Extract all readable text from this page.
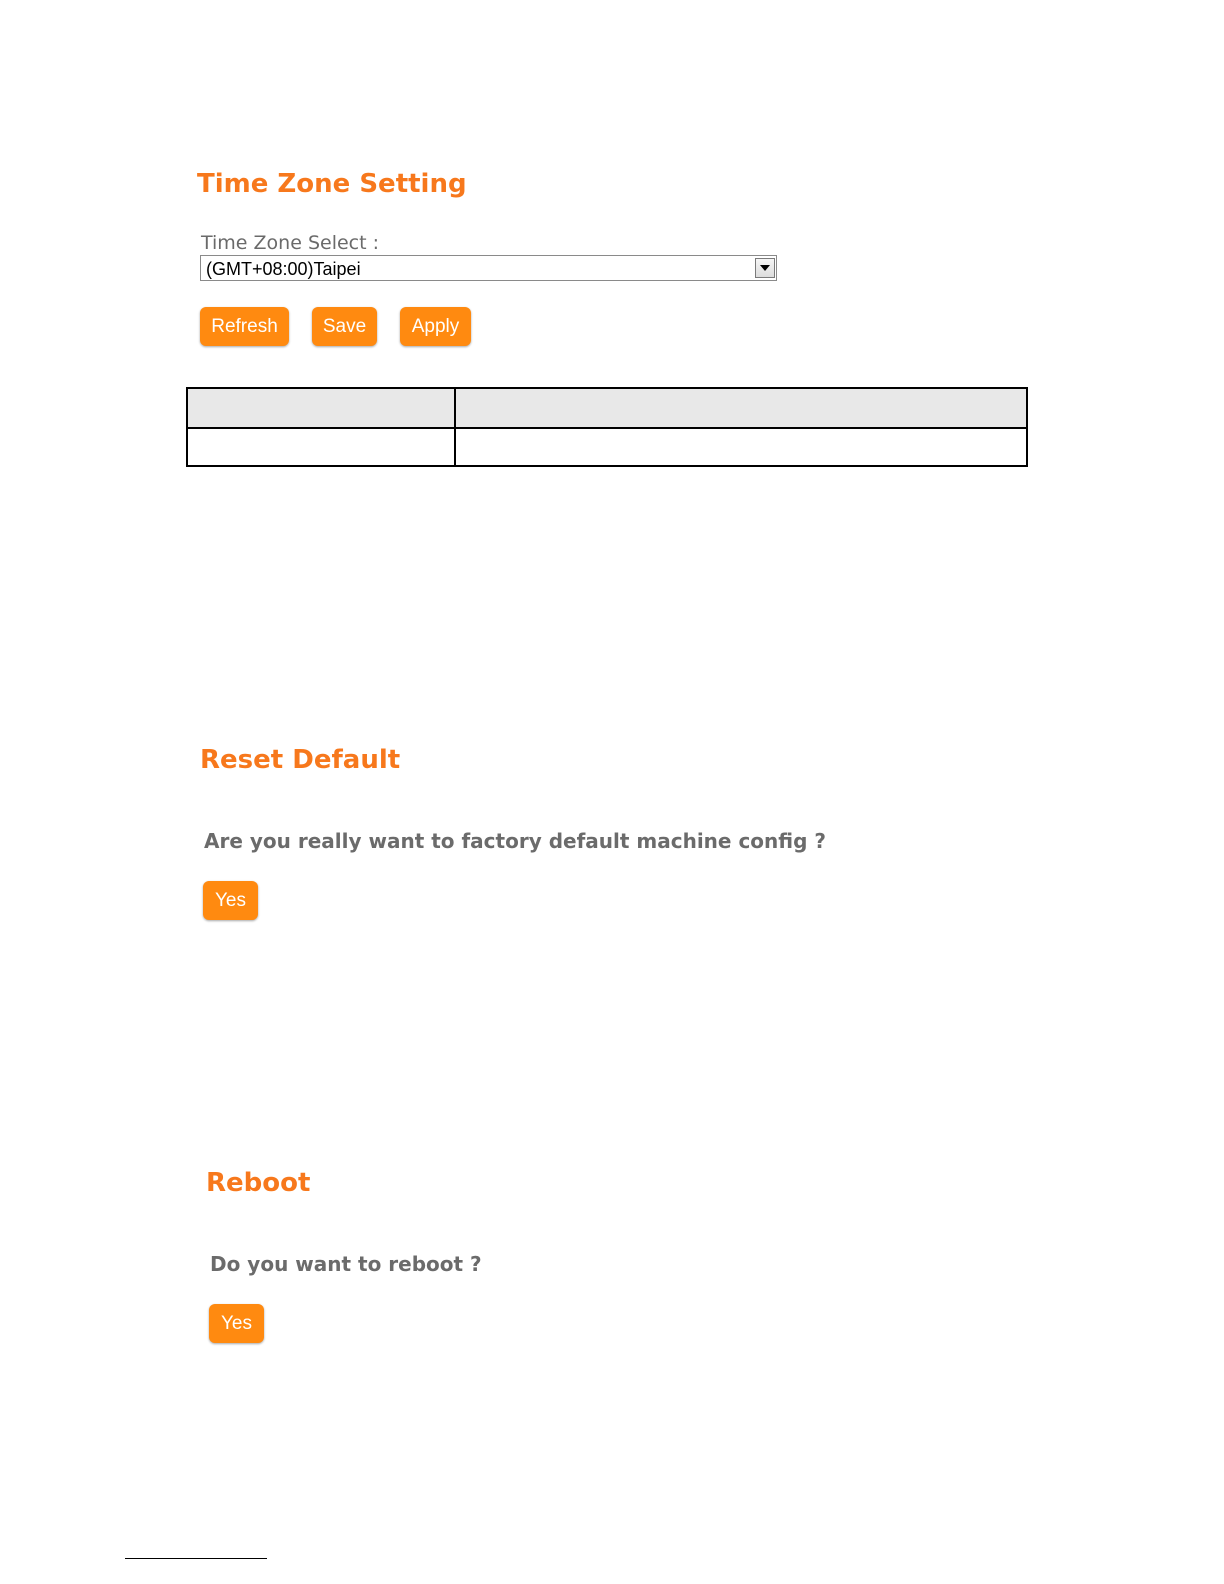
Time Zone Setting
Time Zone Select :
(GMT+08:00)Taipei
Refresh	Save	Apply

Reset Default

Are you really want to factory default machine config ?

Yes
Reboot

Do you want to reboot ?

Yes
